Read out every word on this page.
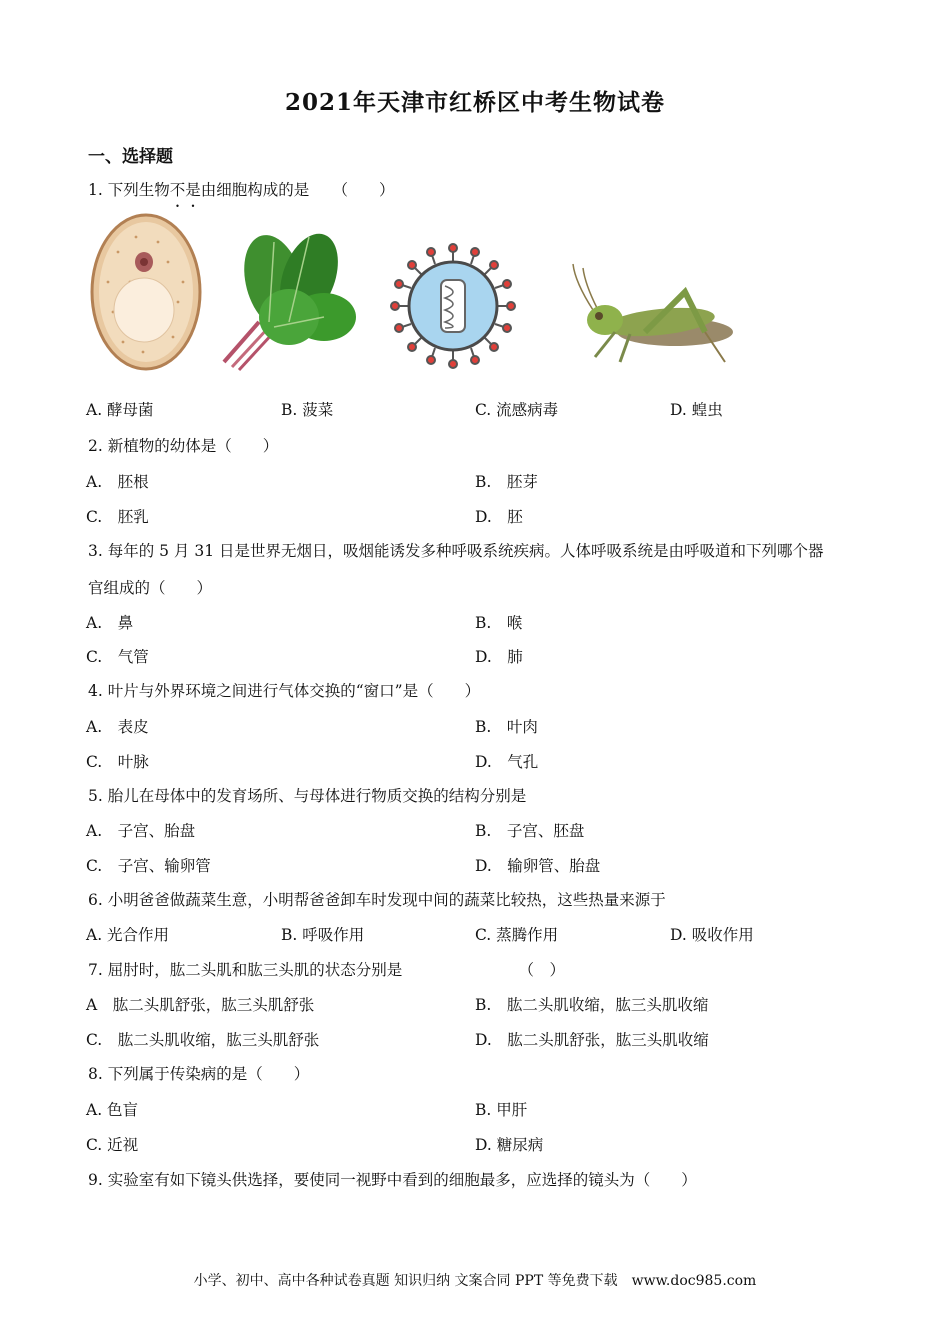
2021年天津市红桥区中考生物试卷
一、选择题
1. 下列生物不是由细胞构成的是　　（　　）
A. 酵母菌	B. 菠菜	C. 流感病毒	D. 蝗虫
2. 新植物的幼体是（　　）
A.　胚根	B.　胚芽
C.　胚乳	D.　胚
3. 每年的 5 月 31 日是世界无烟日，吸烟能诱发多种呼吸系统疾病。人体呼吸系统是由呼吸道和下列哪个器
官组成的（　　）
A.　鼻	B.　喉
C.　气管	D.　肺
4. 叶片与外界环境之间进行气体交换的“窗口”是（　　）
A.　表皮	B.　叶肉
C.　叶脉	D.　气孔
5. 胎儿在母体中的发育场所、与母体进行物质交换的结构分别是
A.　子宫、胎盘	B.　子宫、胚盘
C.　子宫、输卵管	D.　输卵管、胎盘
6. 小明爸爸做蔬菜生意，小明帮爸爸卸车时发现中间的蔬菜比较热，这些热量来源于
A. 光合作用	B. 呼吸作用	C. 蒸腾作用	D. 吸收作用
7. 屈肘时，肱二头肌和肱三头肌的状态分别是　　　　　　　　（　）
A　肱二头肌舒张，肱三头肌舒张	B.　肱二头肌收缩，肱三头肌收缩
C.　肱二头肌收缩，肱三头肌舒张	D.　肱二头肌舒张，肱三头肌收缩
8. 下列属于传染病的是（　　）
A. 色盲	B. 甲肝
C. 近视	D. 糖尿病
9. 实验室有如下镜头供选择，要使同一视野中看到的细胞最多，应选择的镜头为（　　）
小学、初中、高中各种试卷真题 知识归纳 文案合同 PPT 等免费下载　www.doc985.com
